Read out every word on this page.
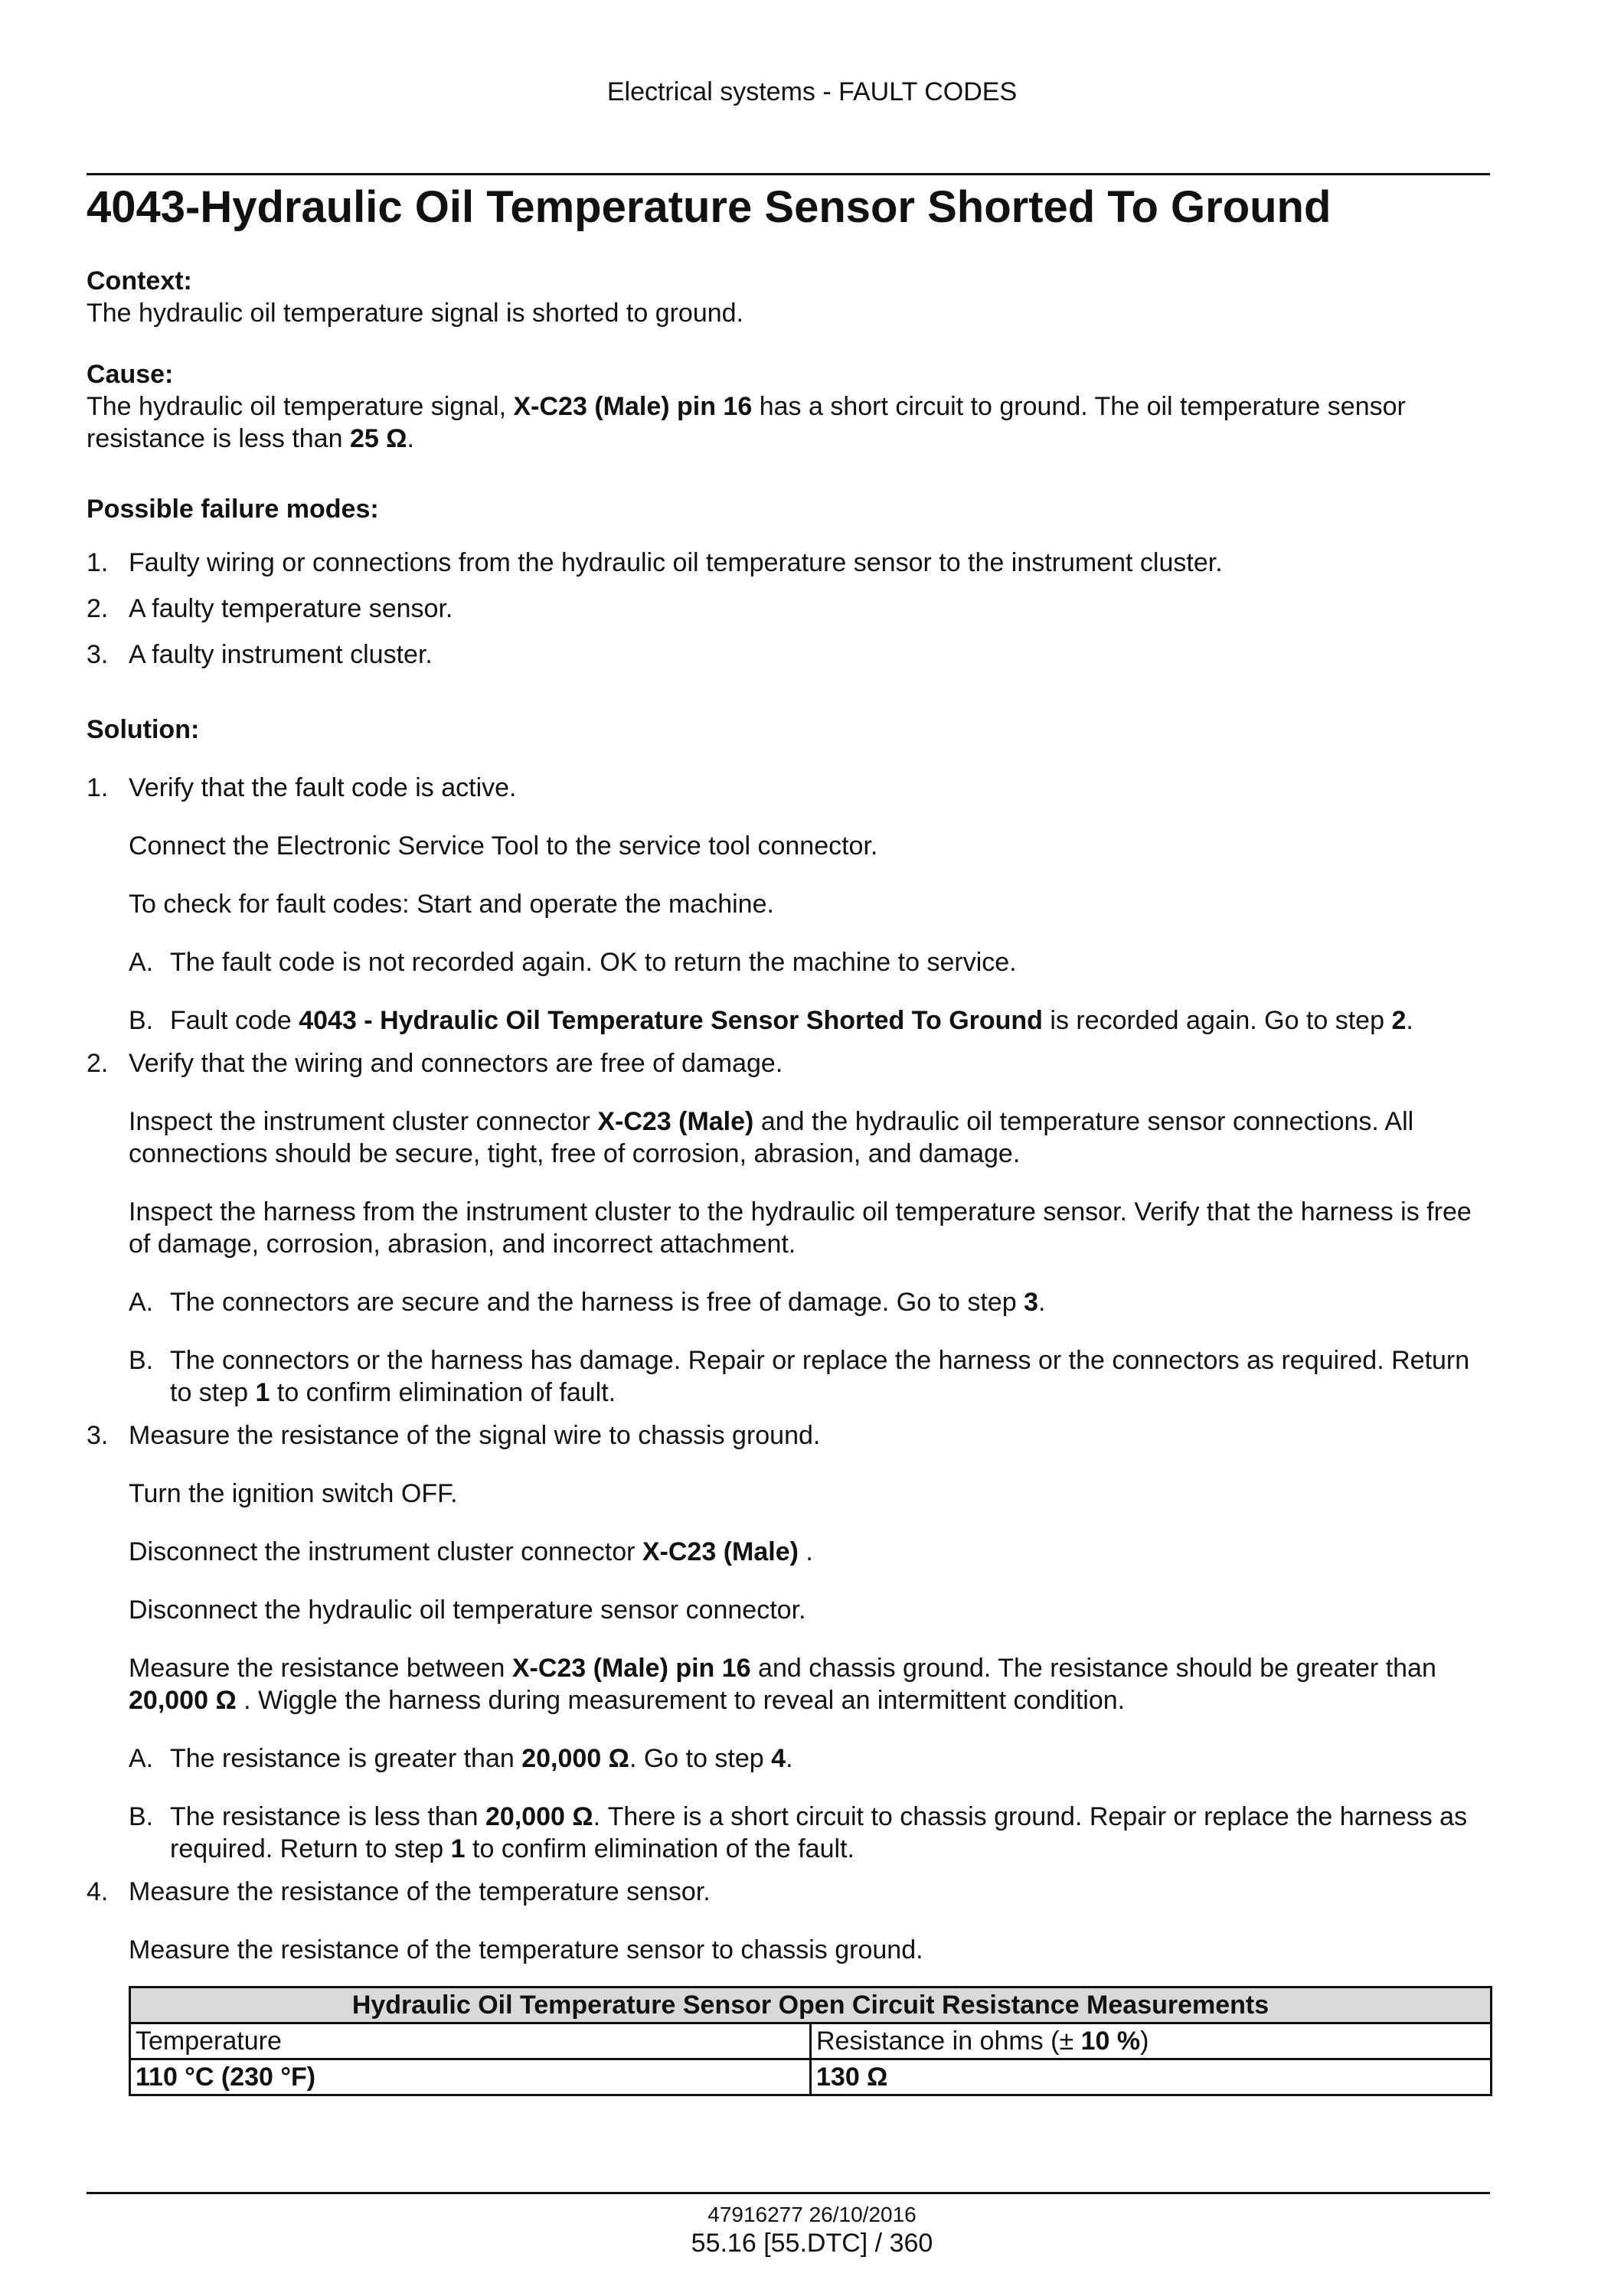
Electrical systems - FAULT CODES
4043-Hydraulic Oil Temperature Sensor Shorted To Ground
Context:

The hydraulic oil temperature signal is shorted to ground.

Cause:

The hydraulic oil temperature signal, X-C23 (Male) pin 16 has a short circuit to ground. The oil temperature sensor resistance is less than 25 Ω.

Possible failure modes:
1. Faulty wiring or connections from the hydraulic oil temperature sensor to the instrument cluster.
2. A faulty temperature sensor.
3. A faulty instrument cluster.
Solution:
1. Verify that the fault code is active.

Connect the Electronic Service Tool to the service tool connector.

To check for fault codes: Start and operate the machine.

A. The fault code is not recorded again. OK to return the machine to service.
B. Fault code 4043 - Hydraulic Oil Temperature Sensor Shorted To Ground is recorded again. Go to step 2.
2. Verify that the wiring and connectors are free of damage.

Inspect the instrument cluster connector X-C23 (Male) and the hydraulic oil temperature sensor connections. All connections should be secure, tight, free of corrosion, abrasion, and damage.

Inspect the harness from the instrument cluster to the hydraulic oil temperature sensor. Verify that the harness is free of damage, corrosion, abrasion, and incorrect attachment.

A. The connectors are secure and the harness is free of damage. Go to step 3.
B. The connectors or the harness has damage. Repair or replace the harness or the connectors as required. Return to step 1 to confirm elimination of fault.
3. Measure the resistance of the signal wire to chassis ground.

Turn the ignition switch OFF.

Disconnect the instrument cluster connector X-C23 (Male) .

Disconnect the hydraulic oil temperature sensor connector.

Measure the resistance between X-C23 (Male) pin 16 and chassis ground. The resistance should be greater than 20,000 Ω . Wiggle the harness during measurement to reveal an intermittent condition.

A. The resistance is greater than 20,000 Ω. Go to step 4.
B. The resistance is less than 20,000 Ω. There is a short circuit to chassis ground. Repair or replace the harness as required. Return to step 1 to confirm elimination of the fault.
4. Measure the resistance of the temperature sensor.

Measure the resistance of the temperature sensor to chassis ground.

Hydraulic Oil Temperature Sensor Open Circuit Resistance Measurements	
Temperature	Resistance in ohms (± 10 %)
110 °C (230 °F)	130 Ω
47916277 26/10/2016
55.16 [55.DTC] / 360
